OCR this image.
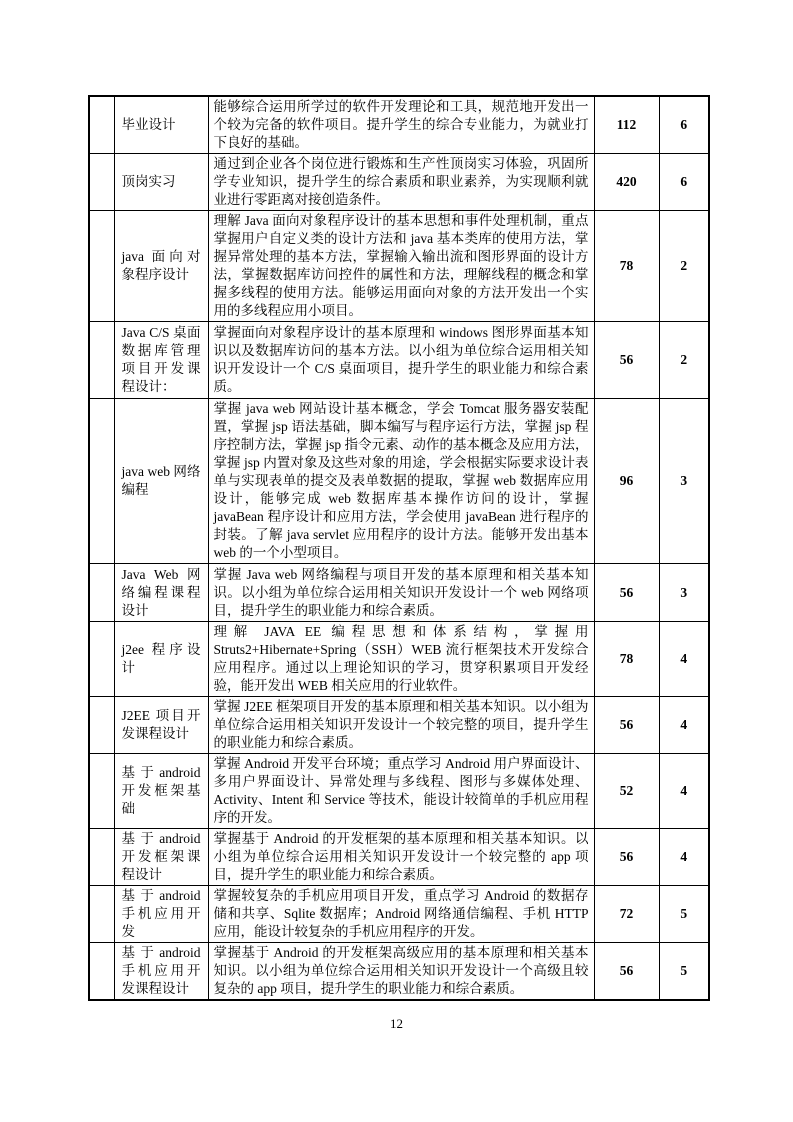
	毕业设计	能够综合运用所学过的软件开发理论和工具，规范地开发出一个较为完备的软件项目。提升学生的综合专业能力，为就业打下良好的基础。	112	6
	顶岗实习	通过到企业各个岗位进行锻炼和生产性顶岗实习体验，巩固所学专业知识，提升学生的综合素质和职业素养，为实现顺利就业进行零距离对接创造条件。	420	6
	java 面向对象程序设计	理解 Java 面向对象程序设计的基本思想和事件处理机制，重点掌握用户自定义类的设计方法和 java 基本类库的使用方法，掌握异常处理的基本方法，掌握输入输出流和图形界面的设计方法，掌握数据库访问控件的属性和方法，理解线程的概念和掌握多线程的使用方法。能够运用面向对象的方法开发出一个实用的多线程应用小项目。	78	2
	Java C/S 桌面数据库管理项目开发课程设计：	掌握面向对象程序设计的基本原理和 windows 图形界面基本知识以及数据库访问的基本方法。以小组为单位综合运用相关知识开发设计一个 C/S 桌面项目，提升学生的职业能力和综合素质。	56	2
	java web 网络编程	掌握 java web 网站设计基本概念，学会 Tomcat 服务器安装配置，掌握 jsp 语法基础，脚本编写与程序运行方法，掌握 jsp 程序控制方法，掌握 jsp 指令元素、动作的基本概念及应用方法，掌握 jsp 内置对象及这些对象的用途，学会根据实际要求设计表单与实现表单的提交及表单数据的提取，掌握 web 数据库应用设计，能够完成 web 数据库基本操作访问的设计，掌握 javaBean 程序设计和应用方法，学会使用 javaBean 进行程序的封装。了解 java servlet 应用程序的设计方法。能够开发出基本 web 的一个小型项目。	96	3
	Java Web 网络编程课程设计	掌握 Java web 网络编程与项目开发的基本原理和相关基本知识。以小组为单位综合运用相关知识开发设计一个 web 网络项目，提升学生的职业能力和综合素质。	56	3
	j2ee 程序设计	理解 JAVA EE 编程思想和体系结构，掌握用 Struts2+Hibernate+Spring（SSH）WEB 流行框架技术开发综合应用程序。通过以上理论知识的学习，贯穿积累项目开发经验，能开发出 WEB 相关应用的行业软件。	78	4
	J2EE 项目开发课程设计	掌握 J2EE 框架项目开发的基本原理和相关基本知识。以小组为单位综合运用相关知识开发设计一个较完整的项目，提升学生的职业能力和综合素质。	56	4
	基于android 开发框架基础	掌握 Android 开发平台环境；重点学习 Android 用户界面设计、多用户界面设计、异常处理与多线程、图形与多媒体处理、Activity、Intent 和 Service 等技术，能设计较简单的手机应用程序的开发。	52	4
	基于android 开发框架课程设计	掌握基于 Android 的开发框架的基本原理和相关基本知识。以小组为单位综合运用相关知识开发设计一个较完整的 app 项目，提升学生的职业能力和综合素质。	56	4
	基于android 手机应用开发	掌握较复杂的手机应用项目开发，重点学习 Android 的数据存储和共享、Sqlite 数据库；Android 网络通信编程、手机 HTTP 应用，能设计较复杂的手机应用程序的开发。	72	5
	基于android 手机应用开发课程设计	掌握基于 Android 的开发框架高级应用的基本原理和相关基本知识。以小组为单位综合运用相关知识开发设计一个高级且较复杂的 app 项目，提升学生的职业能力和综合素质。	56	5
12
